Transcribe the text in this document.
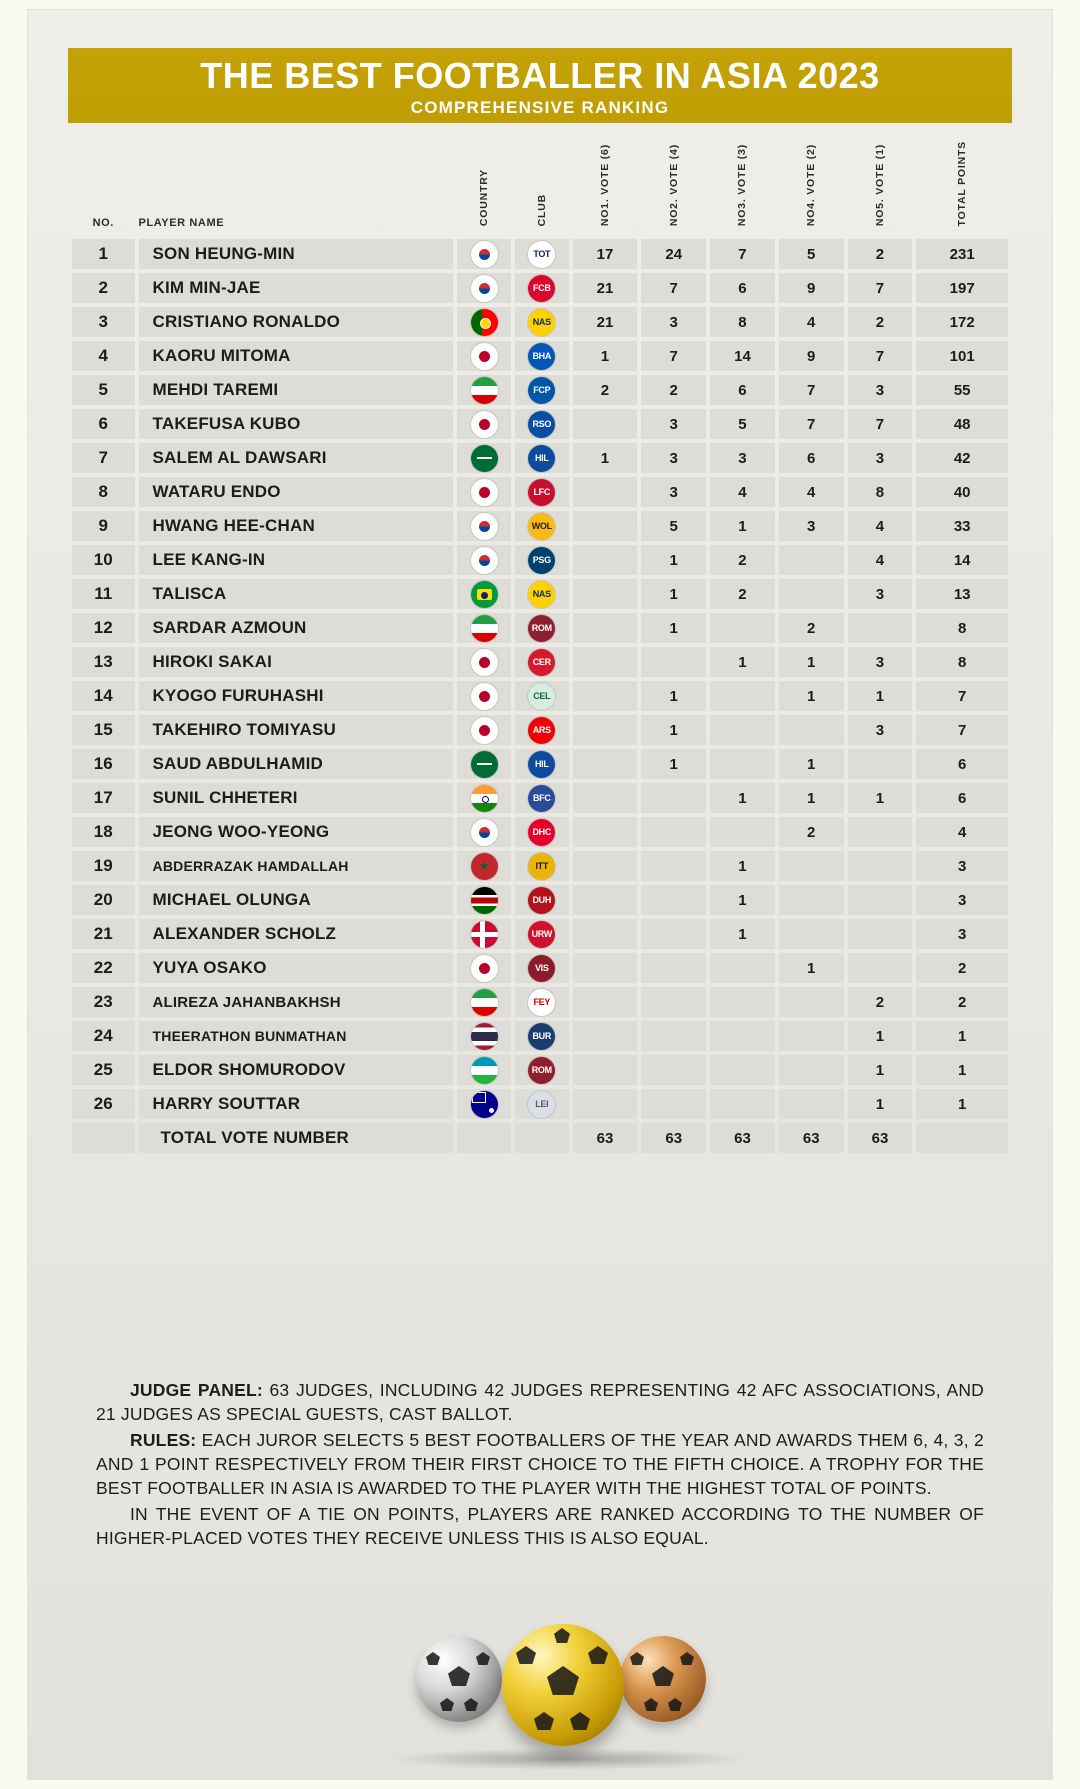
THE BEST FOOTBALLER IN ASIA 2023
COMPREHENSIVE RANKING
NO.	PLAYER NAME	COUNTRY	CLUB	NO1. VOTE (6)	NO2. VOTE (4)	NO3. VOTE (3)	NO4. VOTE (2)	NO5. VOTE (1)	TOTAL POINTS
1	SON HEUNG-MIN		TOT	17	24	7	5	2	231
2	KIM MIN-JAE		FCB	21	7	6	9	7	197
3	CRISTIANO RONALDO		NAS	21	3	8	4	2	172
4	KAORU MITOMA		BHA	1	7	14	9	7	101
5	MEHDI TAREMI		FCP	2	2	6	7	3	55
6	TAKEFUSA KUBO		RSO		3	5	7	7	48
7	SALEM AL DAWSARI		HIL	1	3	3	6	3	42
8	WATARU ENDO		LFC		3	4	4	8	40
9	HWANG HEE-CHAN		WOL		5	1	3	4	33
10	LEE KANG-IN		PSG		1	2		4	14
11	TALISCA		NAS		1	2		3	13
12	SARDAR AZMOUN		ROM		1		2		8
13	HIROKI SAKAI		CER			1	1	3	8
14	KYOGO FURUHASHI		CEL		1		1	1	7
15	TAKEHIRO TOMIYASU		ARS		1			3	7
16	SAUD ABDULHAMID		HIL		1		1		6
17	SUNIL CHHETERI		BFC			1	1	1	6
18	JEONG WOO-YEONG		DHC				2		4
19	ABDERRAZAK HAMDALLAH		ITT			1			3
20	MICHAEL OLUNGA		DUH			1			3
21	ALEXANDER SCHOLZ		URW			1			3
22	YUYA OSAKO		VIS				1		2
23	ALIREZA JAHANBAKHSH		FEY					2	2
24	THEERATHON BUNMATHAN		BUR					1	1
25	ELDOR SHOMURODOV		ROM					1	1
26	HARRY SOUTTAR		LEI					1	1
	TOTAL VOTE NUMBER			63	63	63	63	63	

JUDGE PANEL: 63 JUDGES, INCLUDING 42 JUDGES REPRESENTING 42 AFC ASSOCIATIONS, AND 21 JUDGES AS SPECIAL GUESTS, CAST BALLOT.

RULES: EACH JUROR SELECTS 5 BEST FOOTBALLERS OF THE YEAR AND AWARDS THEM 6, 4, 3, 2 AND 1 POINT RESPECTIVELY FROM THEIR FIRST CHOICE TO THE FIFTH CHOICE. A TROPHY FOR THE BEST FOOTBALLER IN ASIA IS AWARDED TO THE PLAYER WITH THE HIGHEST TOTAL OF POINTS.

IN THE EVENT OF A TIE ON POINTS, PLAYERS ARE RANKED ACCORDING TO THE NUMBER OF HIGHER-PLACED VOTES THEY RECEIVE UNLESS THIS IS ALSO EQUAL.
